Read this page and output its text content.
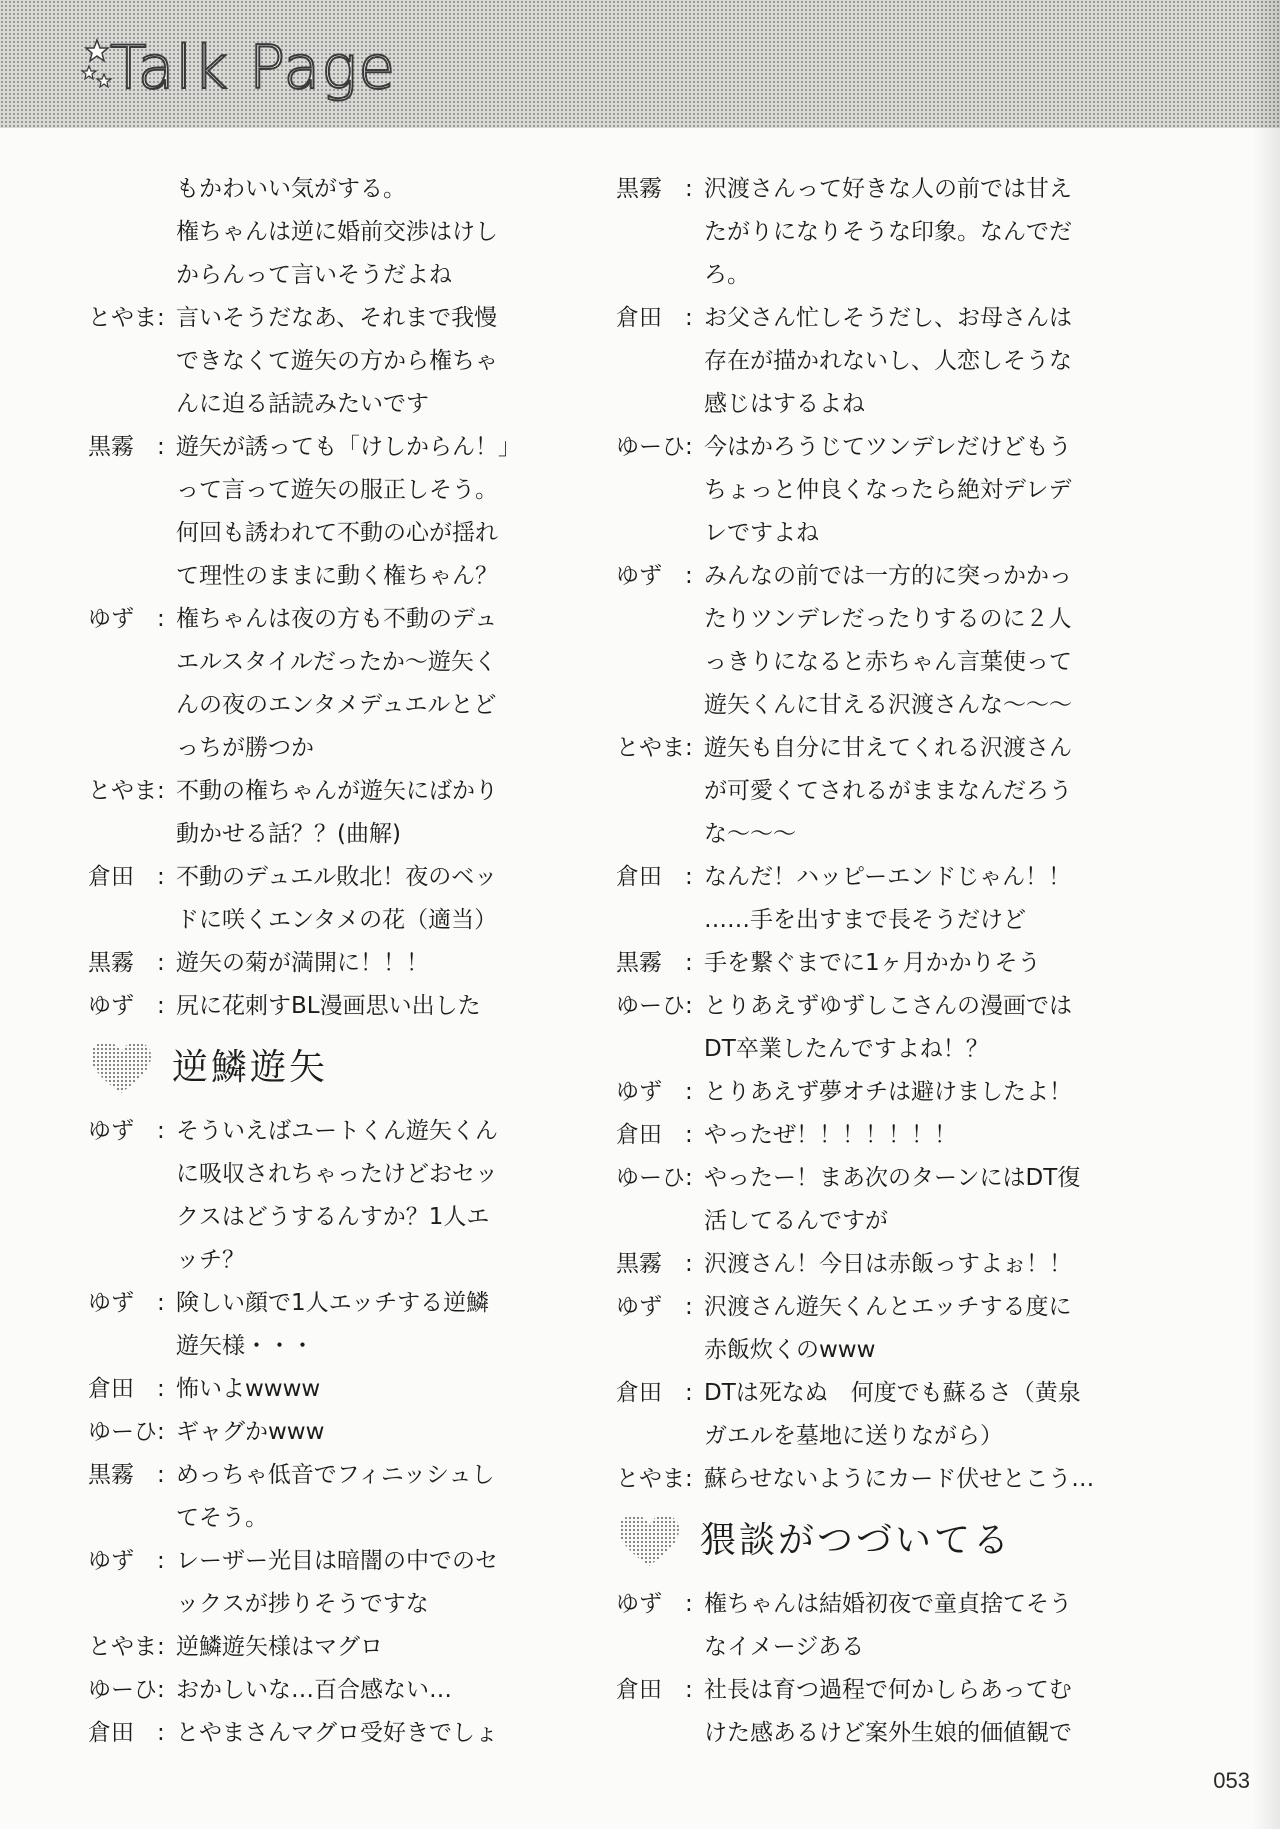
Talk Page
もかわいい気がする。
権ちゃんは逆に婚前交渉はけし
からんって言いそうだよね
とやま: 言いそうだなあ、それまで我慢
できなくて遊矢の方から権ちゃ
んに迫る話読みたいです
黒霧　: 遊矢が誘っても「けしからん！」
って言って遊矢の服正しそう。
何回も誘われて不動の心が揺れ
て理性のままに動く権ちゃん？
ゆず　: 権ちゃんは夜の方も不動のデュ
エルスタイルだったか〜遊矢く
んの夜のエンタメデュエルとど
っちが勝つか
とやま: 不動の権ちゃんが遊矢にばかり
動かせる話？？(曲解)
倉田　: 不動のデュエル敗北！夜のベッ
ドに咲くエンタメの花（適当）
黒霧　: 遊矢の菊が満開に！！！
ゆず　: 尻に花刺すBL漫画思い出した
逆鱗遊矢
ゆず　: そういえばユートくん遊矢くん
に吸収されちゃったけどおセッ
クスはどうするんすか？1人エ
ッチ？
ゆず　: 険しい顔で1人エッチする逆鱗
遊矢様・・・
倉田　: 怖いよwwww
ゆーひ: ギャグかwww
黒霧　: めっちゃ低音でフィニッシュし
てそう。
ゆず　: レーザー光目は暗闇の中でのセ
ックスが捗りそうですな
とやま: 逆鱗遊矢様はマグロ
ゆーひ: おかしいな…百合感ない…
倉田　: とやまさんマグロ受好きでしょ
黒霧　: 沢渡さんって好きな人の前では甘え
たがりになりそうな印象。なんでだ
ろ。
倉田　: お父さん忙しそうだし、お母さんは
存在が描かれないし、人恋しそうな
感じはするよね
ゆーひ: 今はかろうじてツンデレだけどもう
ちょっと仲良くなったら絶対デレデ
レですよね
ゆず　: みんなの前では一方的に突っかかっ
たりツンデレだったりするのに２人
っきりになると赤ちゃん言葉使って
遊矢くんに甘える沢渡さんな〜〜〜
とやま: 遊矢も自分に甘えてくれる沢渡さん
が可愛くてされるがままなんだろう
な〜〜〜
倉田　: なんだ！ハッピーエンドじゃん！！
……手を出すまで長そうだけど
黒霧　: 手を繋ぐまでに1ヶ月かかりそう
ゆーひ: とりあえずゆずしこさんの漫画では
DT卒業したんですよね！？
ゆず　: とりあえず夢オチは避けましたよ！
倉田　: やったぜ！！！！！！！
ゆーひ: やったー！まあ次のターンにはDT復
活してるんですが
黒霧　: 沢渡さん！今日は赤飯っすよぉ！！
ゆず　: 沢渡さん遊矢くんとエッチする度に
赤飯炊くのwww
倉田　: DTは死なぬ　何度でも蘇るさ（黄泉
ガエルを墓地に送りながら）
とやま: 蘇らせないようにカード伏せとこう…
猥談がつづいてる
ゆず　: 権ちゃんは結婚初夜で童貞捨てそう
なイメージある
倉田　: 社長は育つ過程で何かしらあってむ
けた感あるけど案外生娘的価値観で
053
